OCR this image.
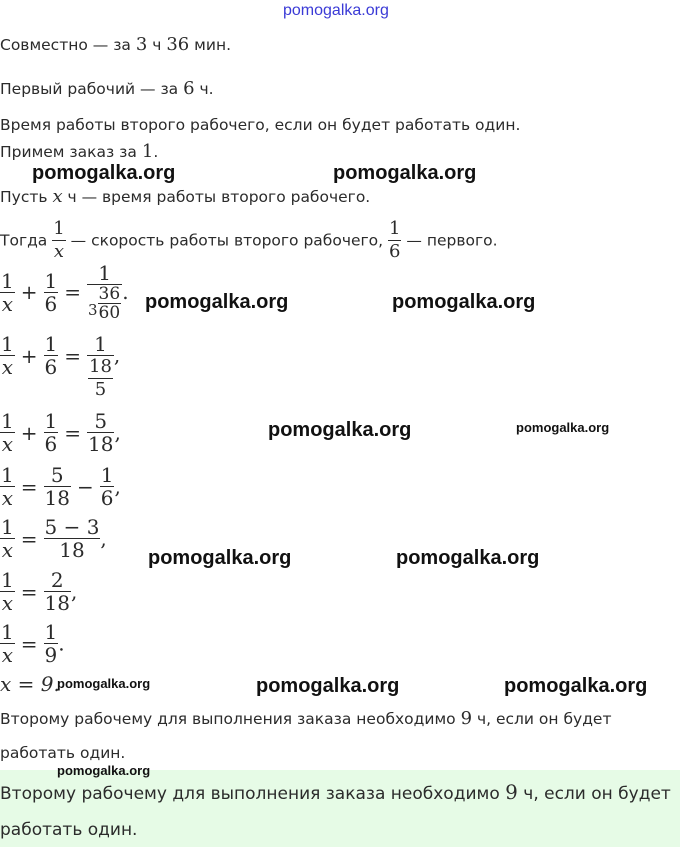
pomogalka.org
Совместно — за 3 ч 36 мин.
Первый рабочий — за 6 ч.
Время работы второго рабочего, если он будет работать один.
Примем заказ за 1.
pomogalka.org	pomogalka.org
Пусть x ч — время работы второго рабочего.
Тогда $\frac{1}{x}$ — скорость работы второго рабочего, $\frac{1}{6}$ — первого.
$\frac{1}{x} + \frac{1}{6} = \frac{1}{_3 \frac{36}{60}}$ . pomogalka.org	pomogalka.org
$\frac{1}{x} + \frac{1}{6} = 1$
18
5 ,
$\frac{1}{x} + \frac{1}{6} = \frac{5}{18}$ ,	pomogalka.org	pomogalka.org
$\frac{1}{x} = \frac{5}{18} - \frac{1}{6}$ ,
$\frac{1}{x} = \frac{5 - 3}{18}$ ,
pomogalka.org	pomogalka.org
$\frac{1}{x} = \frac{2}{18}$ ,
$\frac{1}{x} = \frac{1}{9}$ .
x = 9.
pomogalka.org	pomogalka.org	pomogalka.org
Второму рабочему для выполнения заказа необходимо 9 ч, если он будет
работать один.
pomogalka.org
Второму рабочему для выполнения заказа необходимо 9 ч, если он будет
работать один.
